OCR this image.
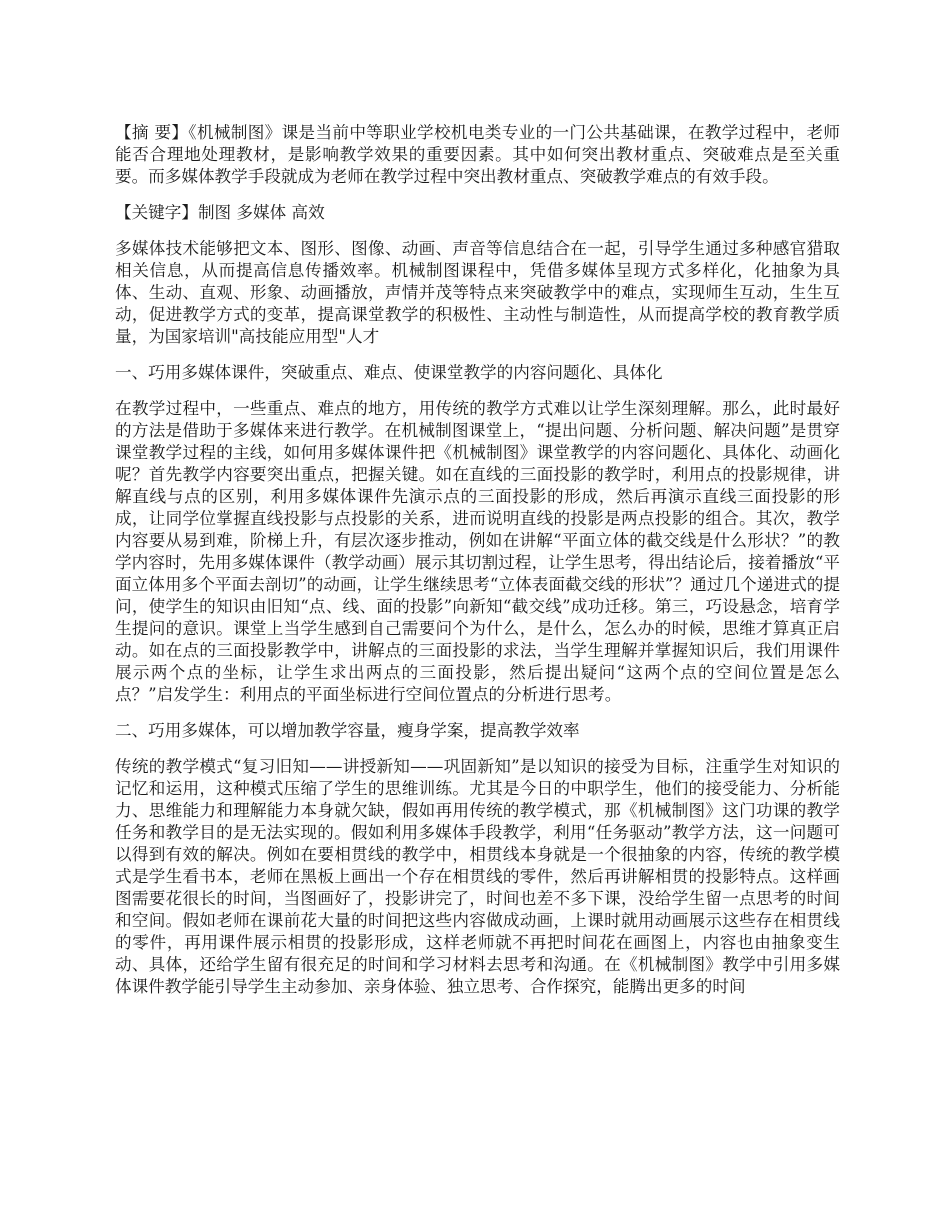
【摘 要】《机械制图》课是当前中等职业学校机电类专业的一门公共基础课，在教学过程中，老师能否合理地处理教材，是影响教学效果的重要因素。其中如何突出教材重点、突破难点是至关重要。而多媒体教学手段就成为老师在教学过程中突出教材重点、突破教学难点的有效手段。

【关键字】制图 多媒体 高效

多媒体技术能够把文本、图形、图像、动画、声音等信息结合在一起，引导学生通过多种感官猎取相关信息，从而提高信息传播效率。机械制图课程中，凭借多媒体呈现方式多样化，化抽象为具体、生动、直观、形象、动画播放，声情并茂等特点来突破教学中的难点，实现师生互动，生生互动，促进教学方式的变革，提高课堂教学的积极性、主动性与制造性，从而提高学校的教育教学质量，为国家培训"高技能应用型"人才

一、巧用多媒体课件，突破重点、难点、使课堂教学的内容问题化、具体化

在教学过程中，一些重点、难点的地方，用传统的教学方式难以让学生深刻理解。那么，此时最好的方法是借助于多媒体来进行教学。在机械制图课堂上，“提出问题、分析问题、解决问题”是贯穿课堂教学过程的主线，如何用多媒体课件把《机械制图》课堂教学的内容问题化、具体化、动画化呢？首先教学内容要突出重点，把握关键。如在直线的三面投影的教学时，利用点的投影规律，讲解直线与点的区别，利用多媒体课件先演示点的三面投影的形成，然后再演示直线三面投影的形成，让同学位掌握直线投影与点投影的关系，进而说明直线的投影是两点投影的组合。其次，教学内容要从易到难，阶梯上升，有层次逐步推动，例如在讲解“平面立体的截交线是什么形状？”的教学内容时，先用多媒体课件（教学动画）展示其切割过程，让学生思考，得出结论后，接着播放“平面立体用多个平面去剖切”的动画，让学生继续思考“立体表面截交线的形状”？通过几个递进式的提问，使学生的知识由旧知“点、线、面的投影”向新知“截交线”成功迁移。第三，巧设悬念，培育学生提问的意识。课堂上当学生感到自己需要问个为什么，是什么，怎么办的时候，思维才算真正启动。如在点的三面投影教学中，讲解点的三面投影的求法，当学生理解并掌握知识后，我们用课件展示两个点的坐标，让学生求出两点的三面投影，然后提出疑问“这两个点的空间位置是怎么点？”启发学生：利用点的平面坐标进行空间位置点的分析进行思考。

二、巧用多媒体，可以增加教学容量，瘦身学案，提高教学效率

传统的教学模式“复习旧知——讲授新知——巩固新知”是以知识的接受为目标，注重学生对知识的记忆和运用，这种模式压缩了学生的思维训练。尤其是今日的中职学生，他们的接受能力、分析能力、思维能力和理解能力本身就欠缺，假如再用传统的教学模式，那《机械制图》这门功课的教学任务和教学目的是无法实现的。假如利用多媒体手段教学，利用“任务驱动”教学方法，这一问题可以得到有效的解决。例如在要相贯线的教学中，相贯线本身就是一个很抽象的内容，传统的教学模式是学生看书本，老师在黑板上画出一个存在相贯线的零件，然后再讲解相贯的投影特点。这样画图需要花很长的时间，当图画好了，投影讲完了，时间也差不多下课，没给学生留一点思考的时间和空间。假如老师在课前花大量的时间把这些内容做成动画，上课时就用动画展示这些存在相贯线的零件，再用课件展示相贯的投影形成，这样老师就不再把时间花在画图上，内容也由抽象变生动、具体，还给学生留有很充足的时间和学习材料去思考和沟通。在《机械制图》教学中引用多媒体课件教学能引导学生主动参加、亲身体验、独立思考、合作探究，能腾出更多的时间
